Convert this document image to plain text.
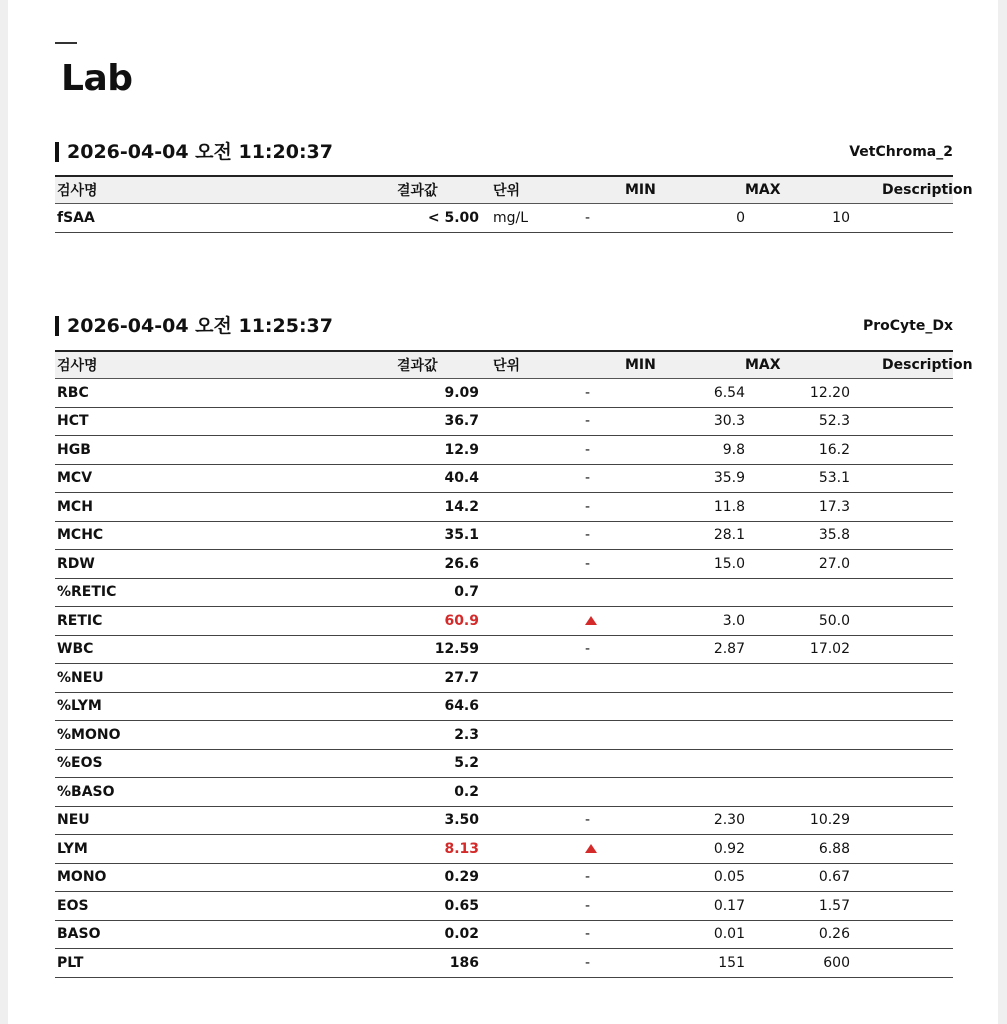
Lab
2026-04-04 오전 11:20:37	VetChroma_2
검사명	결과값	단위		MIN	MAX	Description
fSAA	< 5.00	mg/L	-	0	10	
2026-04-04 오전 11:25:37	ProCyte_Dx
검사명	결과값	단위		MIN	MAX	Description
RBC	9.09		-	6.54	12.20	
HCT	36.7		-	30.3	52.3	
HGB	12.9		-	9.8	16.2	
MCV	40.4		-	35.9	53.1	
MCH	14.2		-	11.8	17.3	
MCHC	35.1		-	28.1	35.8	
RDW	26.6		-	15.0	27.0	
%RETIC	0.7					
RETIC	60.9			3.0	50.0	
WBC	12.59		-	2.87	17.02	
%NEU	27.7					
%LYM	64.6					
%MONO	2.3					
%EOS	5.2					
%BASO	0.2					
NEU	3.50		-	2.30	10.29	
LYM	8.13			0.92	6.88	
MONO	0.29		-	0.05	0.67	
EOS	0.65		-	0.17	1.57	
BASO	0.02		-	0.01	0.26	
PLT	186		-	151	600	
